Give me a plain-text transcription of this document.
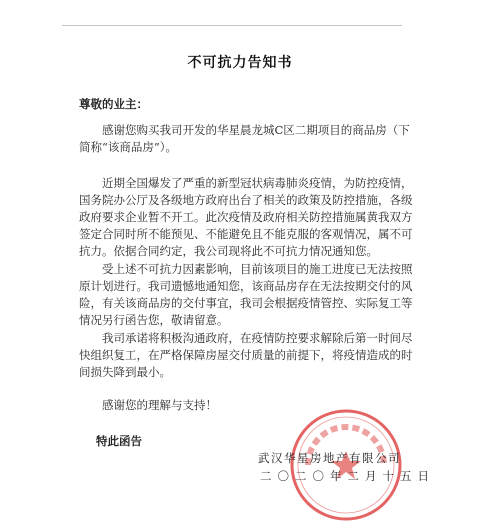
不可抗力告知书
尊敬的业主：

感谢您购买我司开发的华星晨龙城C区二期项目的商品房（下简称“该商品房”）。

近期全国爆发了严重的新型冠状病毒肺炎疫情，为防控疫情，国务院办公厅及各级地方政府出台了相关的政策及防控措施，各级政府要求企业暂不开工。此次疫情及政府相关防控措施属黄我双方签定合同时所不能预见、不能避免且不能克服的客观情况，属不可抗力。依据合同约定，我公司现将此不可抗力情况通知您。

受上述不可抗力因素影响，目前该项目的施工进度已无法按照原计划进行。我司遗憾地通知您，该商品房存在无法按期交付的风险，有关该商品房的交付事宜，我司会根据疫情管控、实际复工等情况另行函告您，敬请留意。

我司承诺将积极沟通政府，在疫情防控要求解除后第一时间尽快组织复工，在严格保障房屋交付质量的前提下，将疫情造成的时间损失降到最小。

感谢您的理解与支持！

特此函告
武汉华星房地产有限公司
二〇二〇年二月十五日
